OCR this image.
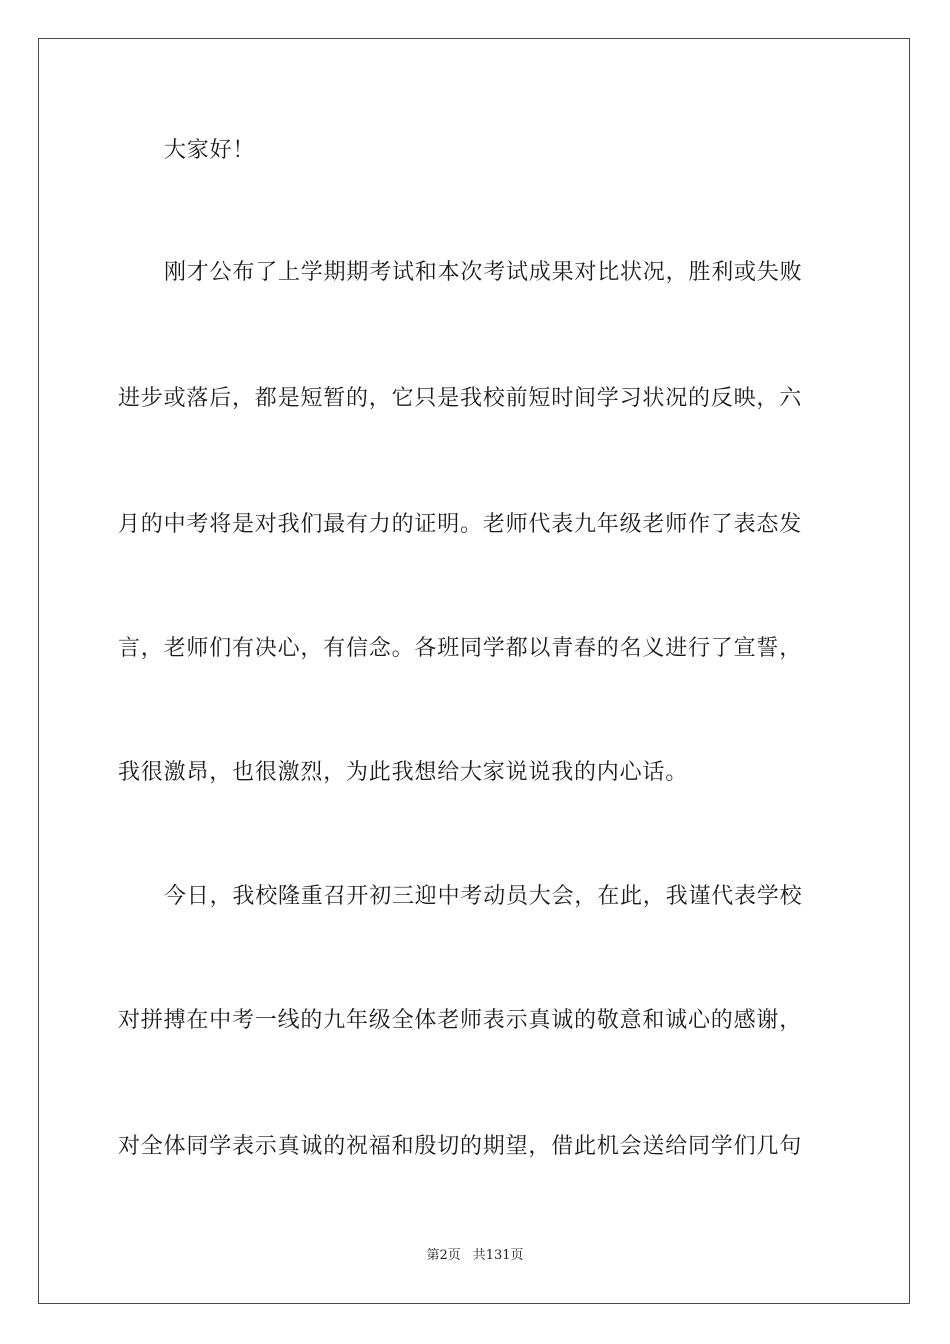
大家好！
刚才公布了上学期期考试和本次考试成果对比状况，胜利或失败
进步或落后，都是短暂的，它只是我校前短时间学习状况的反映，六
月的中考将是对我们最有力的证明。老师代表九年级老师作了表态发
言，老师们有决心，有信念。各班同学都以青春的名义进行了宣誓，
我很激昂，也很激烈，为此我想给大家说说我的内心话。
今日，我校隆重召开初三迎中考动员大会，在此，我谨代表学校
对拼搏在中考一线的九年级全体老师表示真诚的敬意和诚心的感谢，
对全体同学表示真诚的祝福和殷切的期望，借此机会送给同学们几句
第2页 共131页
